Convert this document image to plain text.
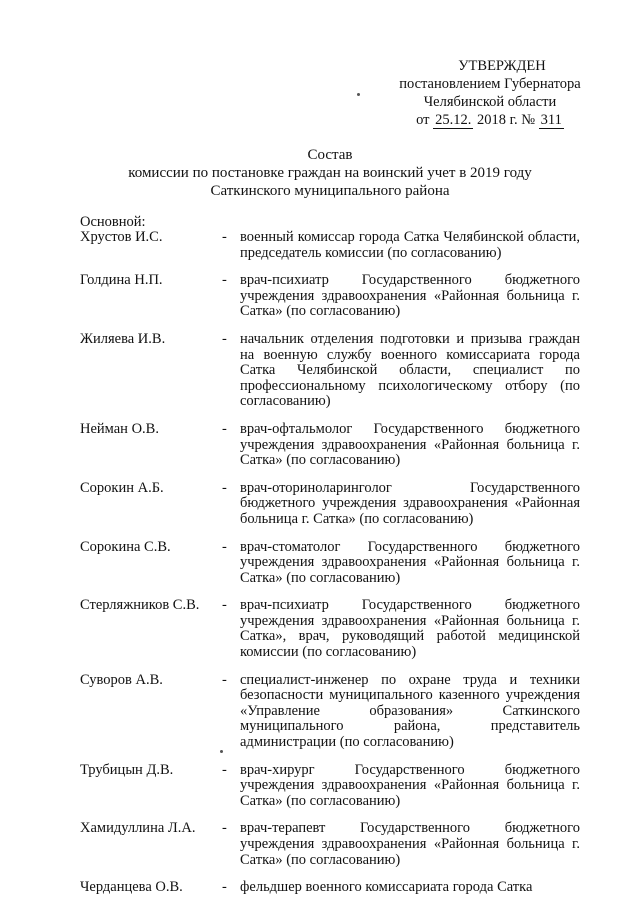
УТВЕРЖДЕН
постановлением Губернатора
Челябинской области
от 25.12. 2018 г. № 311
Состав
комиссии по постановке граждан на воинский учет в 2019 году
Саткинского муниципального района
Основной:
Хрустов И.С.	- военный комиссар города Сатка Челябинской области, председатель комиссии (по согласованию)
Голдина Н.П.	- врач-психиатр Государственного бюджетного учреждения здравоохранения «Районная больница г. Сатка» (по согласованию)
Жиляева И.В.	- начальник отделения подготовки и призыва граждан на военную службу военного комиссариата города Сатка Челябинской области, специалист по профессиональному психологическому отбору (по согласованию)
Нейман О.В.	- врач-офтальмолог Государственного бюджетного учреждения здравоохранения «Районная больница г. Сатка» (по согласованию)
Сорокин А.Б.	- врач-оториноларинголог Государственного бюджетного учреждения здравоохранения «Районная больница г. Сатка» (по согласованию)
Сорокина С.В.	- врач-стоматолог Государственного бюджетного учреждения здравоохранения «Районная больница г. Сатка» (по согласованию)
Стерляжников С.В.	- врач-психиатр Государственного бюджетного учреждения здравоохранения «Районная больница г. Сатка», врач, руководящий работой медицинской комиссии (по согласованию)
Суворов А.В.	- специалист-инженер по охране труда и техники безопасности муниципального казенного учреждения «Управление образования» Саткинского муниципального района, представитель администрации (по согласованию)
Трубицын Д.В.	- врач-хирург Государственного бюджетного учреждения здравоохранения «Районная больница г. Сатка» (по согласованию)
Хамидуллина Л.А.	- врач-терапевт Государственного бюджетного учреждения здравоохранения «Районная больница г. Сатка» (по согласованию)
Черданцева О.В.	- фельдшер военного комиссариата города Сатка
